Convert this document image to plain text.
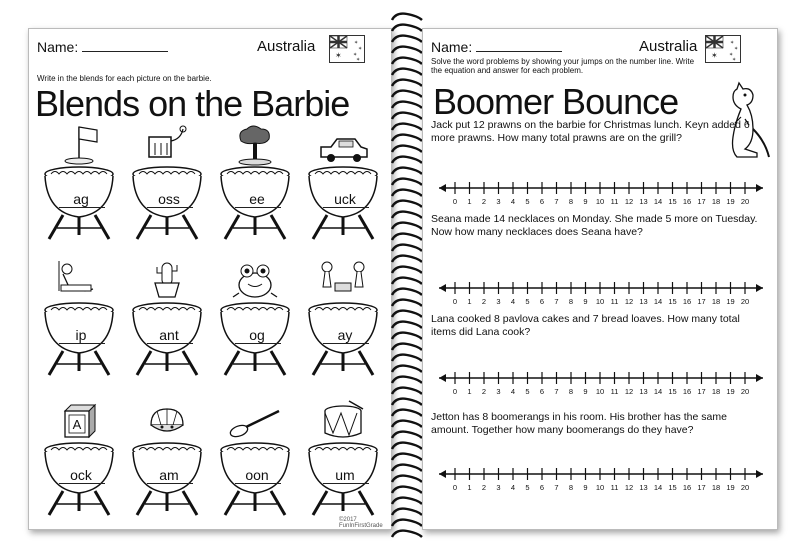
Name:	Australia
✶
✶
✶
✶
✶
Write in the blends for each picture on the barbie.
Blends on the Barbie
ag	oss	ee	uck
ip	ant	og	ay
A
ock	am	oon	um
©2017 FunInFirstGrade
Name:	Australia
✶
✶
✶
✶
✶
Solve the word problems by showing your jumps on the number line. Write the equation and answer for each problem.
Boomer Bounce
Jack put 12 prawns on the barbie for Christmas lunch. Keyn added 6 more prawns. How many total prawns are on the grill?
0 1 2 3 4 5 6 7 8 9 10 11 12 13 14 15 16 17 18 19 20
Seana made 14 necklaces on Monday. She made 5 more on Tuesday. Now how many necklaces does Seana have?
0 1 2 3 4 5 6 7 8 9 10 11 12 13 14 15 16 17 18 19 20
Lana cooked 8 pavlova cakes and 7 bread loaves. How many total items did Lana cook?
0 1 2 3 4 5 6 7 8 9 10 11 12 13 14 15 16 17 18 19 20
Jetton has 8 boomerangs in his room. His brother has the same amount. Together how many boomerangs do they have?
0 1 2 3 4 5 6 7 8 9 10 11 12 13 14 15 16 17 18 19 20
